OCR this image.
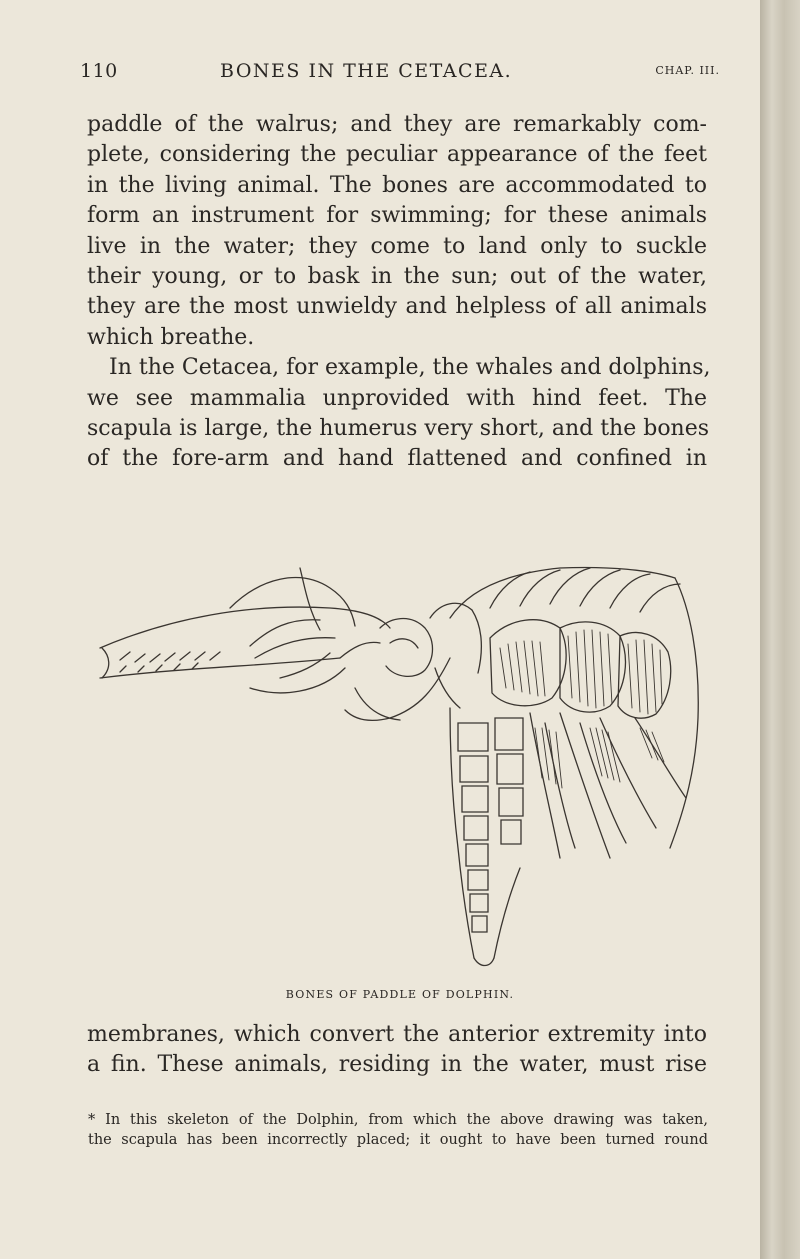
110	BONES IN THE CETACEA.	CHAP. III.
paddle of the walrus; and they are remarkably com-
plete, considering the peculiar appearance of the feet
in the living animal. The bones are accommodated to
form an instrument for swimming; for these animals
live in the water; they come to land only to suckle
their young, or to bask in the sun; out of the water,
they are the most unwieldy and helpless of all animals
which breathe.
In the Cetacea, for example, the whales and dolphins,
we see mammalia unprovided with hind feet. The
scapula is large, the humerus very short, and the bones
of the fore-arm and hand flattened and confined in
BONES OF PADDLE OF DOLPHIN.
membranes, which convert the anterior extremity into
a fin. These animals, residing in the water, must rise
* In this skeleton of the Dolphin, from which the above drawing was taken,
the scapula has been incorrectly placed; it ought to have been turned round
